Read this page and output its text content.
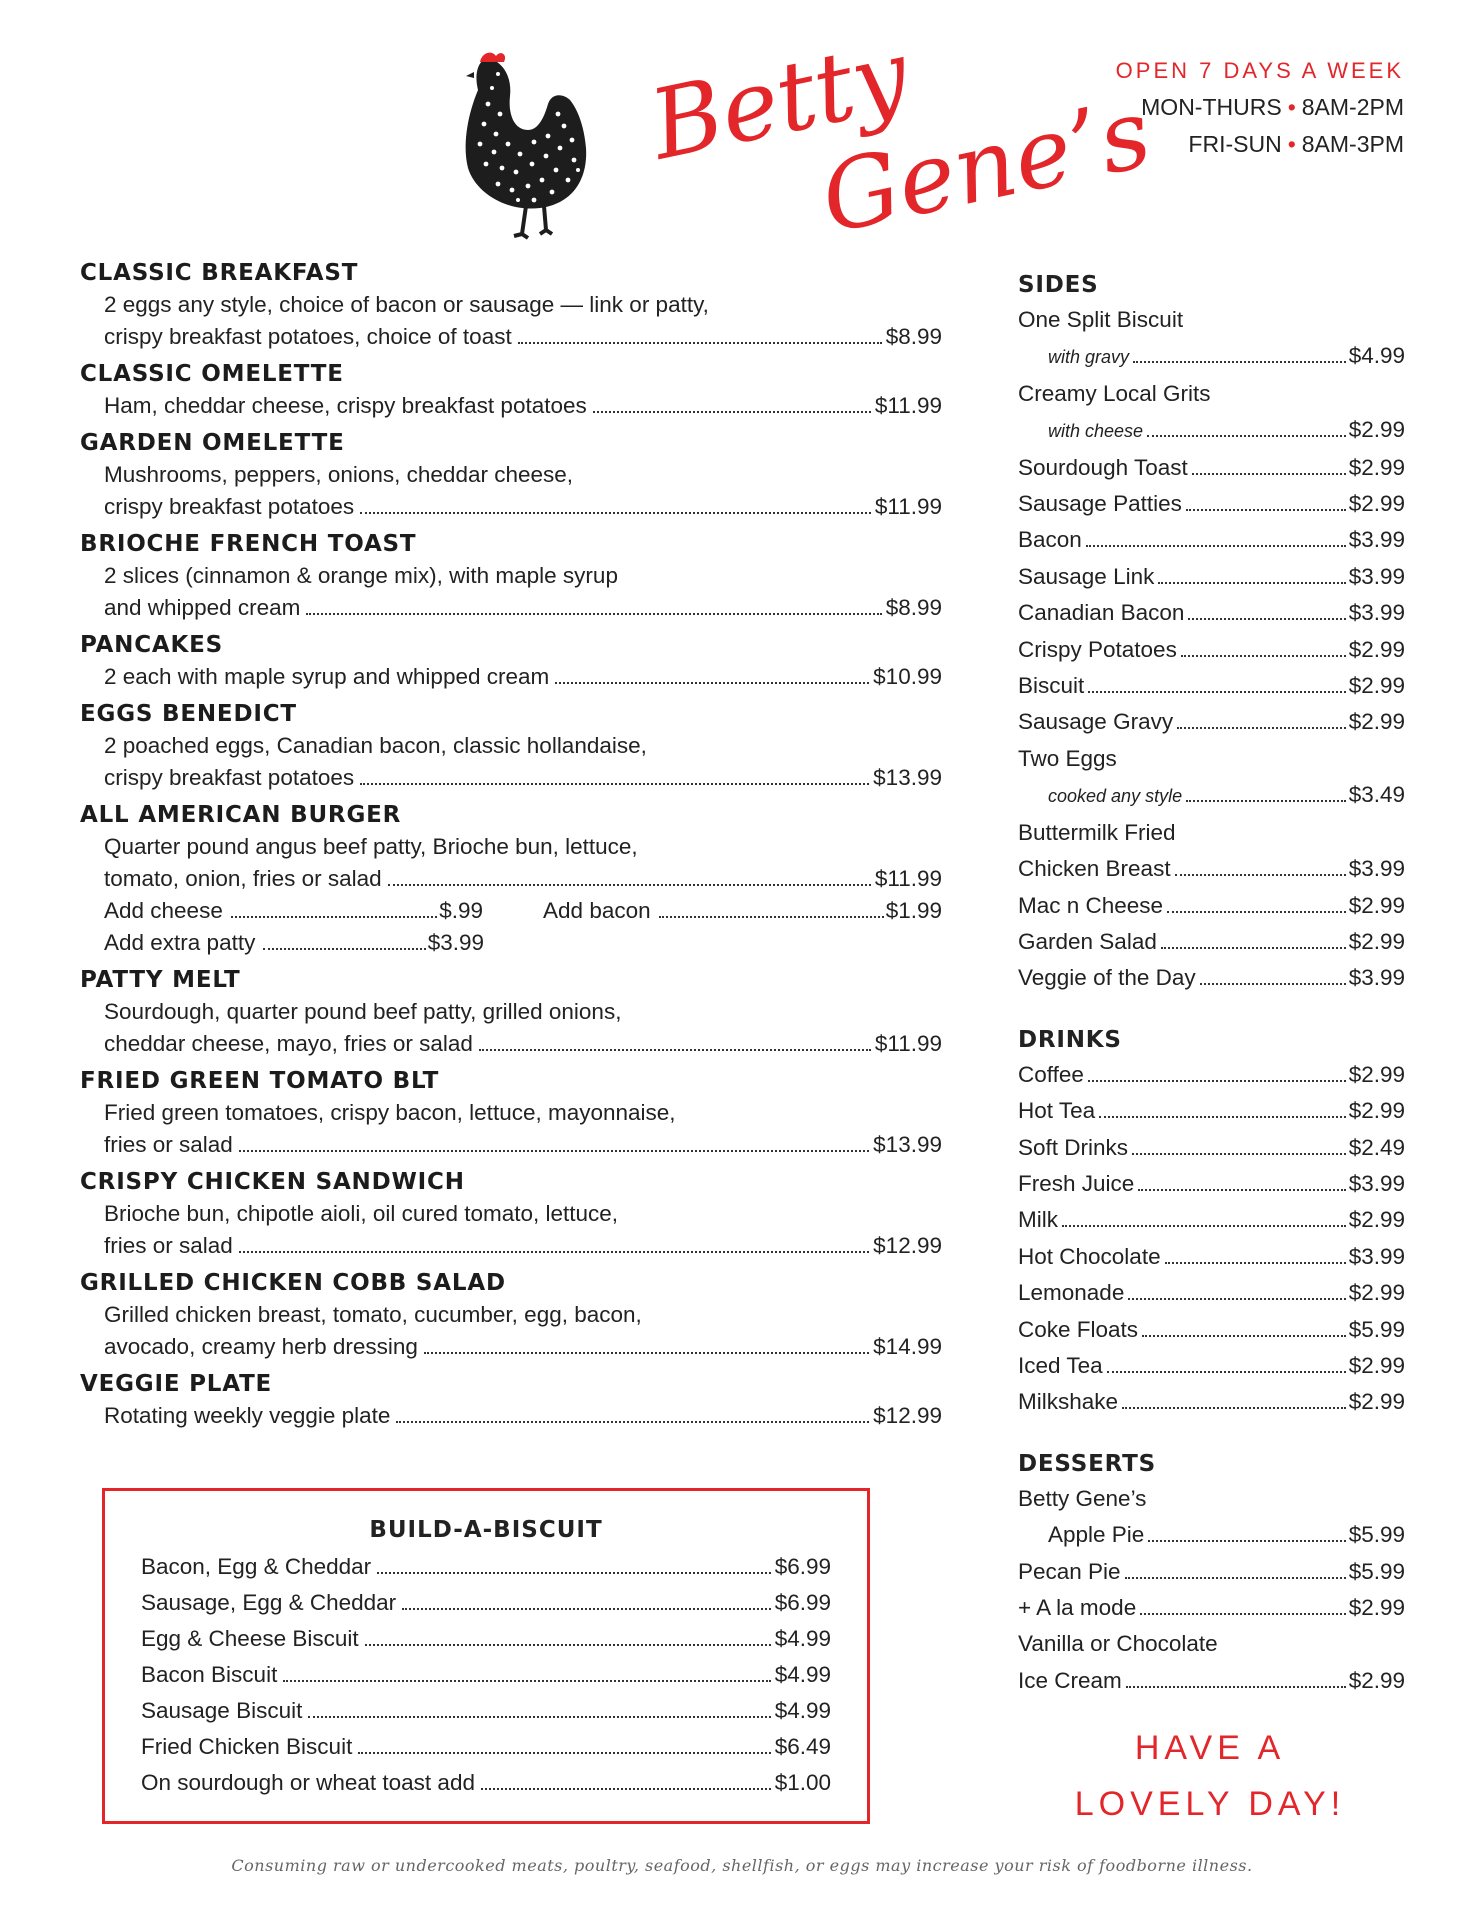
Betty
Gene’s
OPEN 7 DAYS A WEEK
MON-THURS • 8AM-2PM
FRI-SUN • 8AM-3PM
CLASSIC BREAKFAST
2 eggs any style, choice of bacon or sausage — link or patty,
crispy breakfast potatoes, choice of toast	$8.99
CLASSIC OMELETTE
Ham, cheddar cheese, crispy breakfast potatoes	$11.99
GARDEN OMELETTE
Mushrooms, peppers, onions, cheddar cheese,
crispy breakfast potatoes	$11.99
BRIOCHE FRENCH TOAST
2 slices (cinnamon & orange mix), with maple syrup
and whipped cream	$8.99
PANCAKES
2 each with maple syrup and whipped cream	$10.99
EGGS BENEDICT
2 poached eggs, Canadian bacon, classic hollandaise,
crispy breakfast potatoes	$13.99
ALL AMERICAN BURGER
Quarter pound angus beef patty, Brioche bun, lettuce,
tomato, onion, fries or salad	$11.99
Add cheese	$.99	Add bacon	$1.99
Add extra patty	$3.99
PATTY MELT
Sourdough, quarter pound beef patty, grilled onions,
cheddar cheese, mayo, fries or salad	$11.99
FRIED GREEN TOMATO BLT
Fried green tomatoes, crispy bacon, lettuce, mayonnaise,
fries or salad	$13.99
CRISPY CHICKEN SANDWICH
Brioche bun, chipotle aioli, oil cured tomato, lettuce,
fries or salad	$12.99
GRILLED CHICKEN COBB SALAD
Grilled chicken breast, tomato, cucumber, egg, bacon,
avocado, creamy herb dressing	$14.99
VEGGIE PLATE
Rotating weekly veggie plate	$12.99
BUILD-A-BISCUIT
Bacon, Egg & Cheddar	$6.99
Sausage, Egg & Cheddar	$6.99
Egg & Cheese Biscuit	$4.99
Bacon Biscuit	$4.99
Sausage Biscuit	$4.99
Fried Chicken Biscuit	$6.49
On sourdough or wheat toast add	$1.00
SIDES
One Split Biscuit
with gravy	$4.99
Creamy Local Grits
with cheese	$2.99
Sourdough Toast	$2.99
Sausage Patties	$2.99
Bacon	$3.99
Sausage Link	$3.99
Canadian Bacon	$3.99
Crispy Potatoes	$2.99
Biscuit	$2.99
Sausage Gravy	$2.99
Two Eggs
cooked any style	$3.49
Buttermilk Fried
Chicken Breast	$3.99
Mac n Cheese	$2.99
Garden Salad	$2.99
Veggie of the Day	$3.99
DRINKS
Coffee	$2.99
Hot Tea	$2.99
Soft Drinks	$2.49
Fresh Juice	$3.99
Milk	$2.99
Hot Chocolate	$3.99
Lemonade	$2.99
Coke Floats	$5.99
Iced Tea	$2.99
Milkshake	$2.99
DESSERTS
Betty Gene’s
Apple Pie	$5.99
Pecan Pie	$5.99
+ A la mode	$2.99
Vanilla or Chocolate
Ice Cream	$2.99
HAVE A
LOVELY DAY!
Consuming raw or undercooked meats, poultry, seafood, shellfish, or eggs may increase your risk of foodborne illness.
